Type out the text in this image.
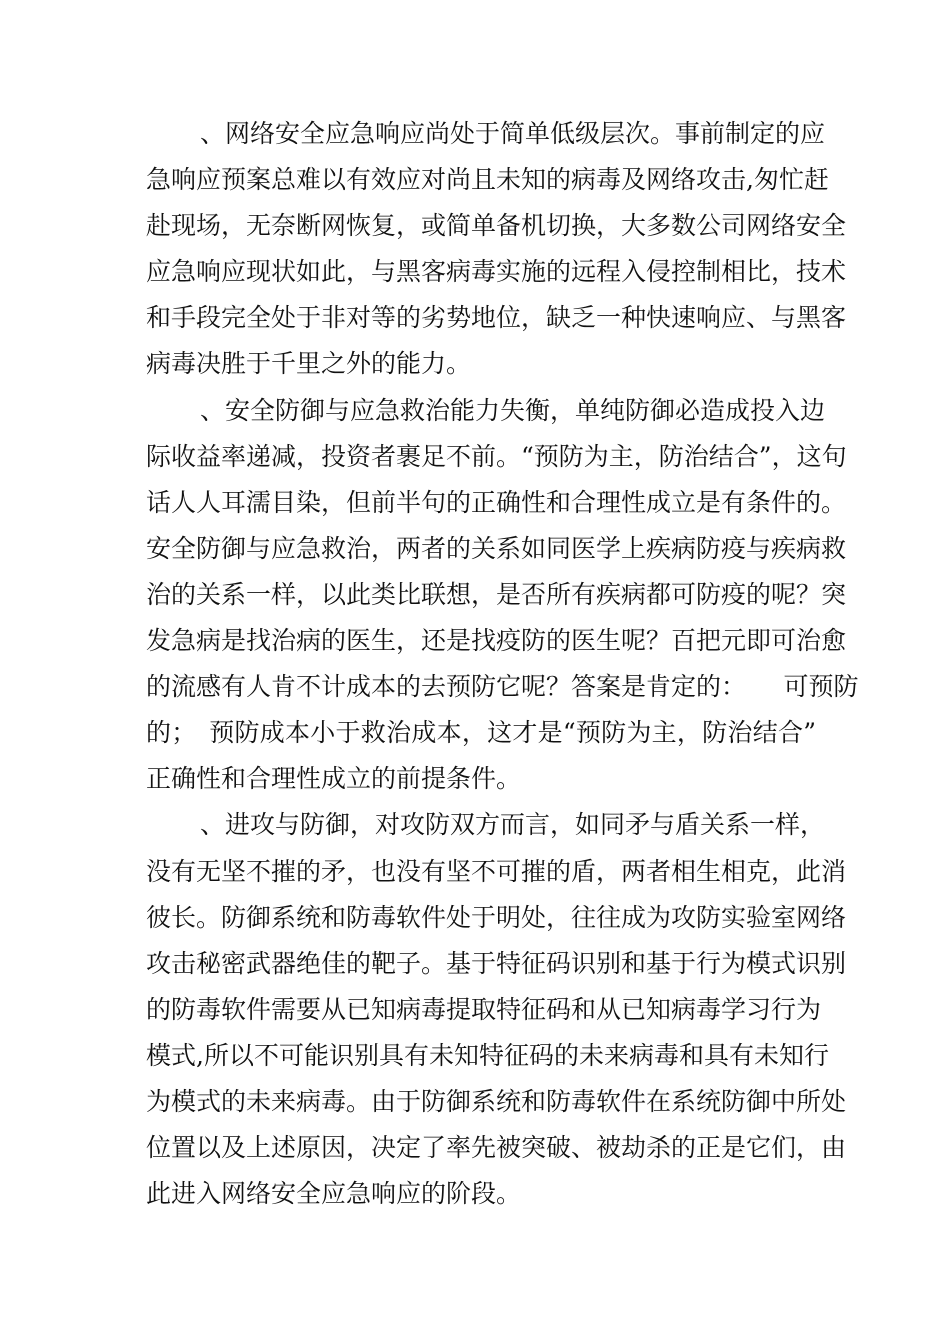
、网络安全应急响应尚处于简单低级层次。事前制定的应
急响应预案总难以有效应对尚且未知的病毒及网络攻击,匆忙赶
赴现场，无奈断网恢复，或简单备机切换，大多数公司网络安全
应急响应现状如此，与黑客病毒实施的远程入侵控制相比，技术
和手段完全处于非对等的劣势地位，缺乏一种快速响应、与黑客
病毒决胜于千里之外的能力。
、安全防御与应急救治能力失衡，单纯防御必造成投入边
际收益率递减，投资者裹足不前。“预防为主，防治结合”，这句
话人人耳濡目染，但前半句的正确性和合理性成立是有条件的。
安全防御与应急救治，两者的关系如同医学上疾病防疫与疾病救
治的关系一样，以此类比联想，是否所有疾病都可防疫的呢？突
发急病是找治病的医生，还是找疫防的医生呢？百把元即可治愈
的流感有人肯不计成本的去预防它呢？答案是肯定的：　　可预防
的；　预防成本小于救治成本，这才是“预防为主，防治结合”
正确性和合理性成立的前提条件。
、进攻与防御，对攻防双方而言，如同矛与盾关系一样，
没有无坚不摧的矛，也没有坚不可摧的盾，两者相生相克，此消
彼长。防御系统和防毒软件处于明处，往往成为攻防实验室网络
攻击秘密武器绝佳的靶子。基于特征码识别和基于行为模式识别
的防毒软件需要从已知病毒提取特征码和从已知病毒学习行为
模式,所以不可能识别具有未知特征码的未来病毒和具有未知行
为模式的未来病毒。由于防御系统和防毒软件在系统防御中所处
位置以及上述原因，决定了率先被突破、被劫杀的正是它们，由
此进入网络安全应急响应的阶段。
